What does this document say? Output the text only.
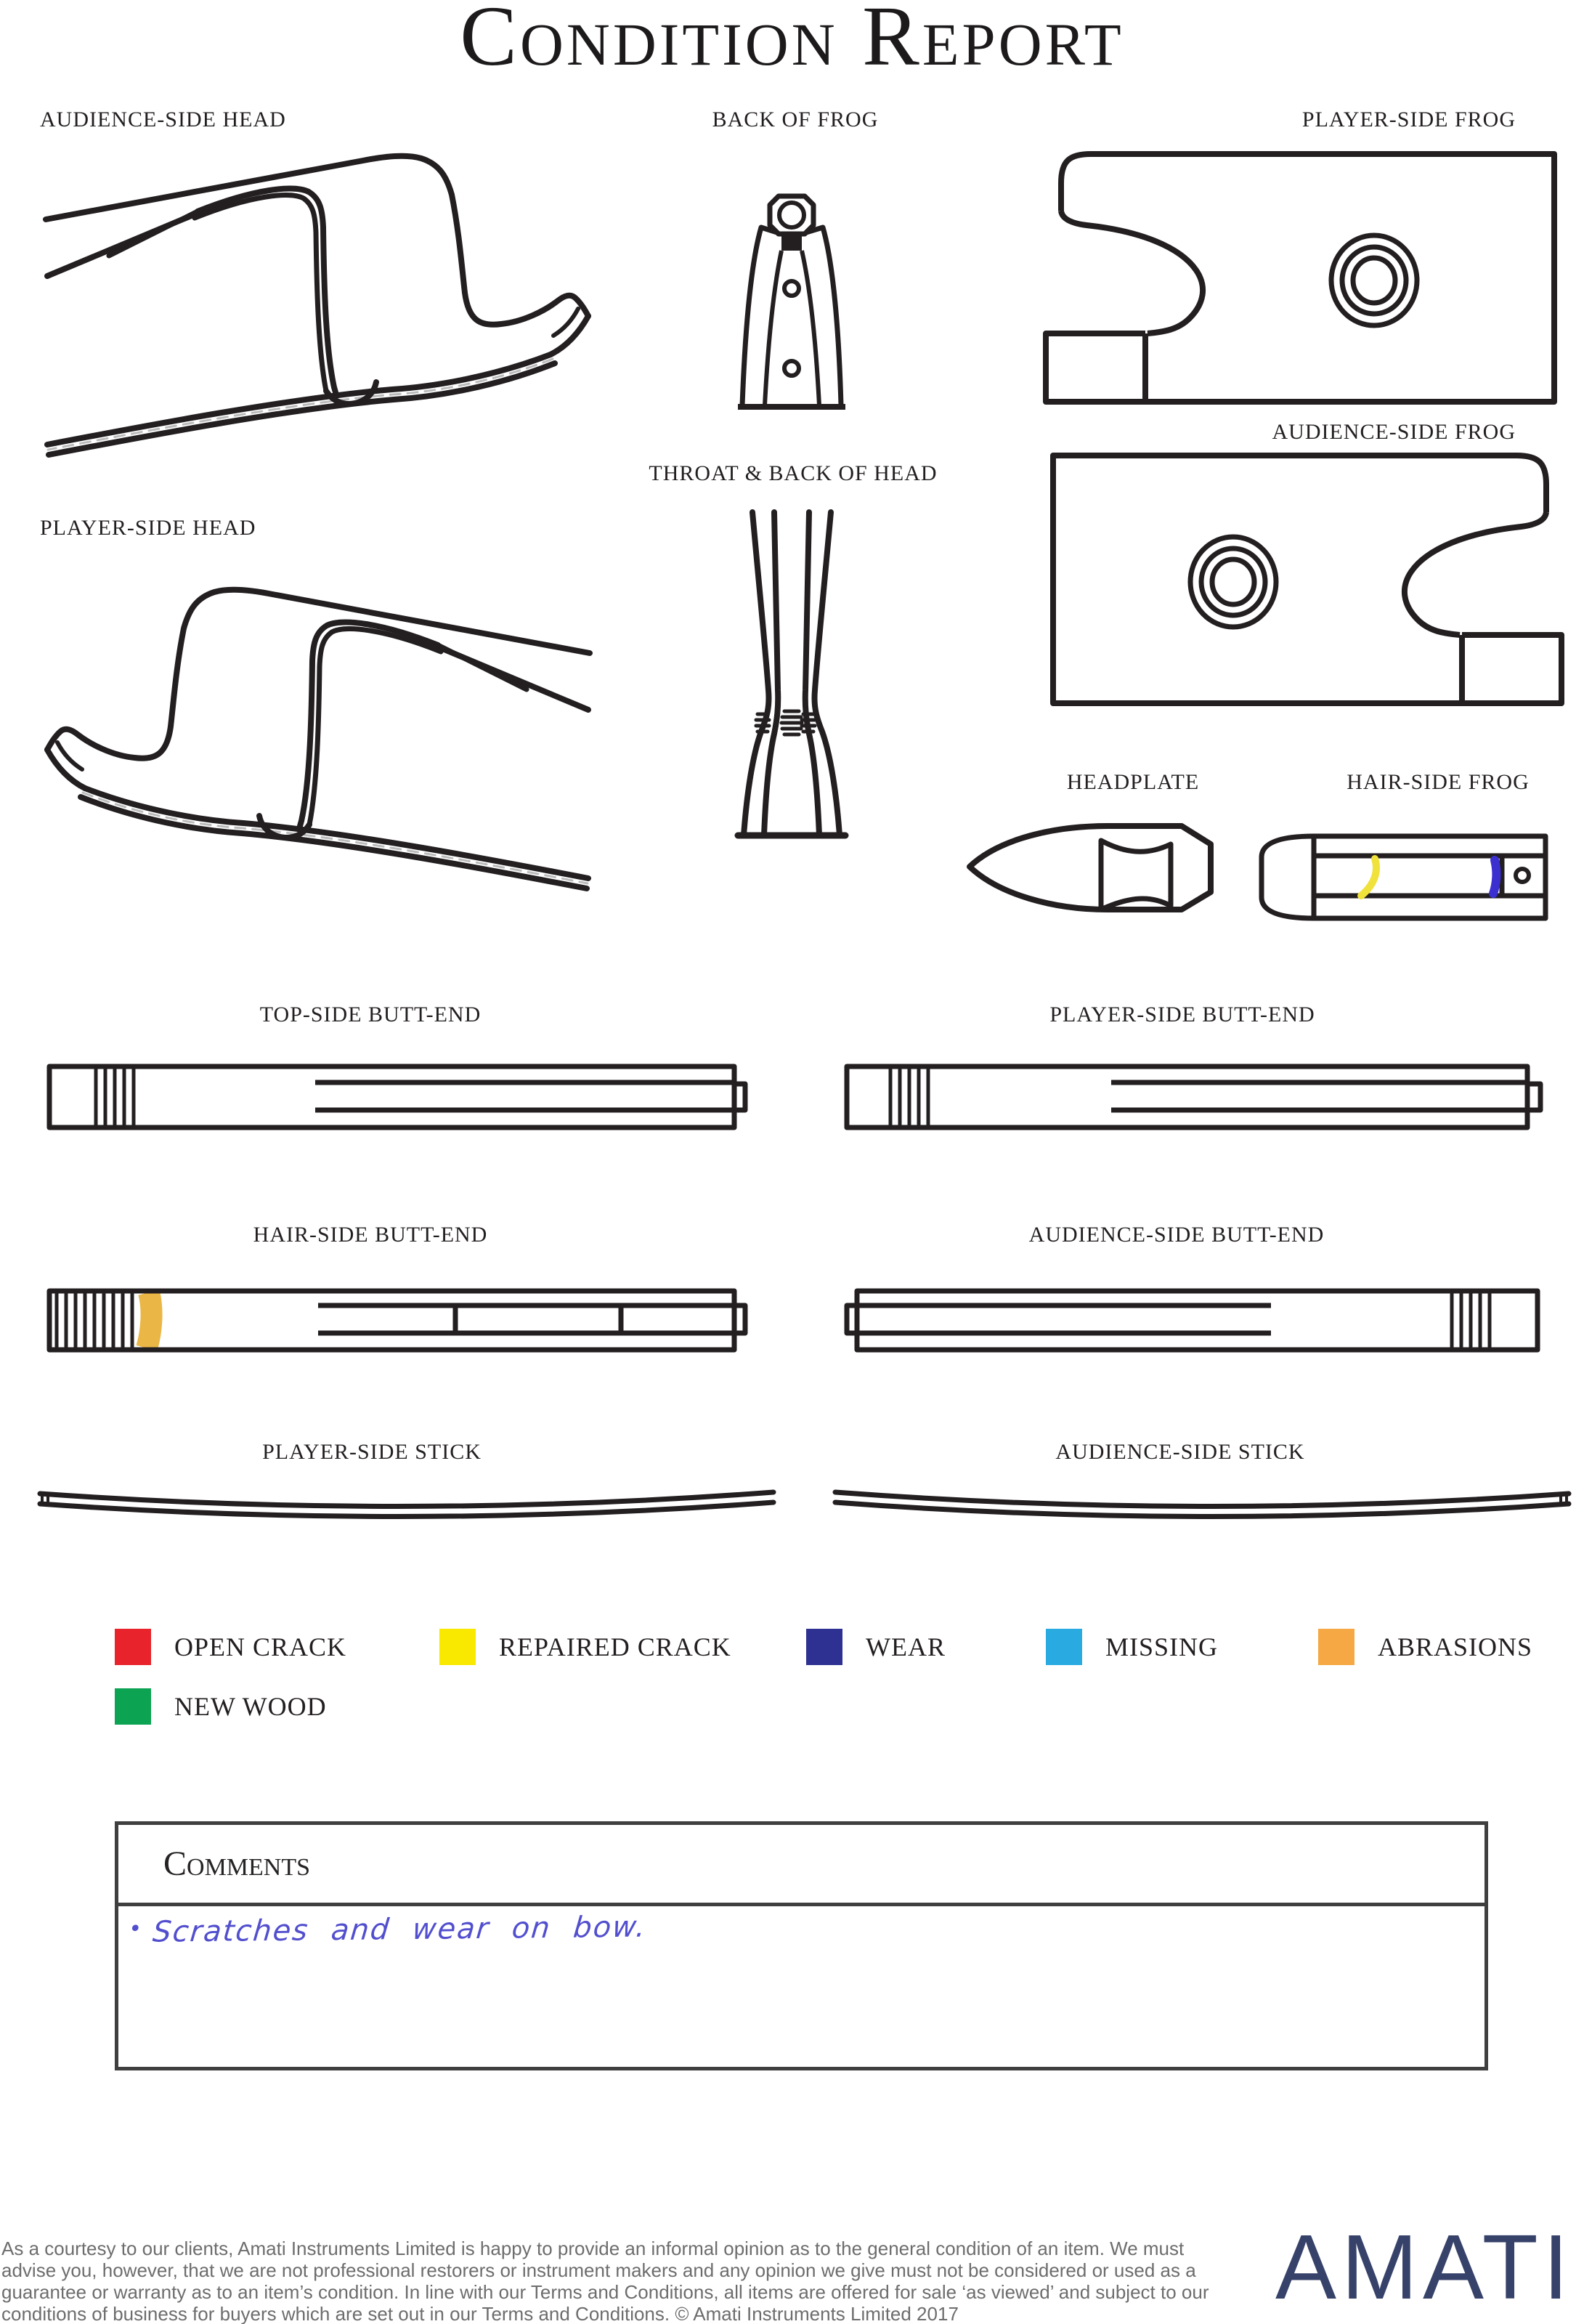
Condition Report
AUDIENCE-SIDE HEAD	BACK OF FROG	PLAYER-SIDE FROG
AUDIENCE-SIDE FROG
PLAYER-SIDE HEAD
THROAT & BACK OF HEAD
HEADPLATE	HAIR-SIDE FROG
TOP-SIDE BUTT-END	PLAYER-SIDE BUTT-END
HAIR-SIDE BUTT-END	AUDIENCE-SIDE BUTT-END
PLAYER-SIDE STICK	AUDIENCE-SIDE STICK
OPEN CRACK	REPAIRED CRACK	WEAR	MISSING	ABRASIONS
NEW WOOD
Comments
• Scratches and wear on bow.
As a courtesy to our clients, Amati Instruments Limited is happy to provide an informal opinion as to the general condition of an item. We must advise you, however, that we are not professional restorers or instrument makers and any opinion we give must not be considered or used as a guarantee or warranty as to an item’s condition. In line with our Terms and Conditions, all items are offered for sale ‘as viewed’ and subject to our conditions of business for buyers which are set out in our Terms and Conditions. © Amati Instruments Limited 2017	AMATI
